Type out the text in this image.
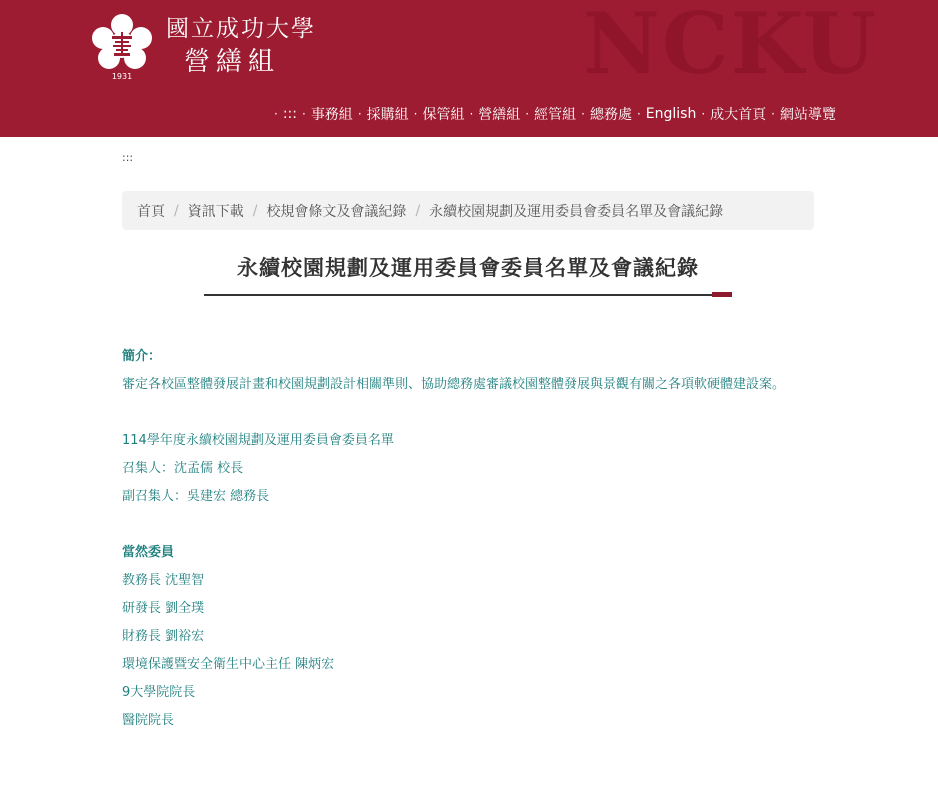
NCKU
1931
國立成功大學
營繕組
· ::: · 事務組 · 採購組 · 保管組 · 營繕組 · 經管組 · 總務處 · English · 成大首頁 · 網站導覽
:::
首頁 / 資訊下載 / 校規會條文及會議紀錄 / 永續校園規劃及運用委員會委員名單及會議紀錄
永續校園規劃及運用委員會委員名單及會議紀錄
簡介：
審定各校區整體發展計畫和校園規劃設計相關準則、協助總務處審議校園整體發展與景觀有關之各項軟硬體建設案。
114學年度永續校園規劃及運用委員會委員名單
召集人：沈孟儒 校長
副召集人：吳建宏 總務長
當然委員
教務長 沈聖智
研發長 劉全璞
財務長 劉裕宏
環境保護暨安全衛生中心主任 陳炳宏
9大學院院長
醫院院長
